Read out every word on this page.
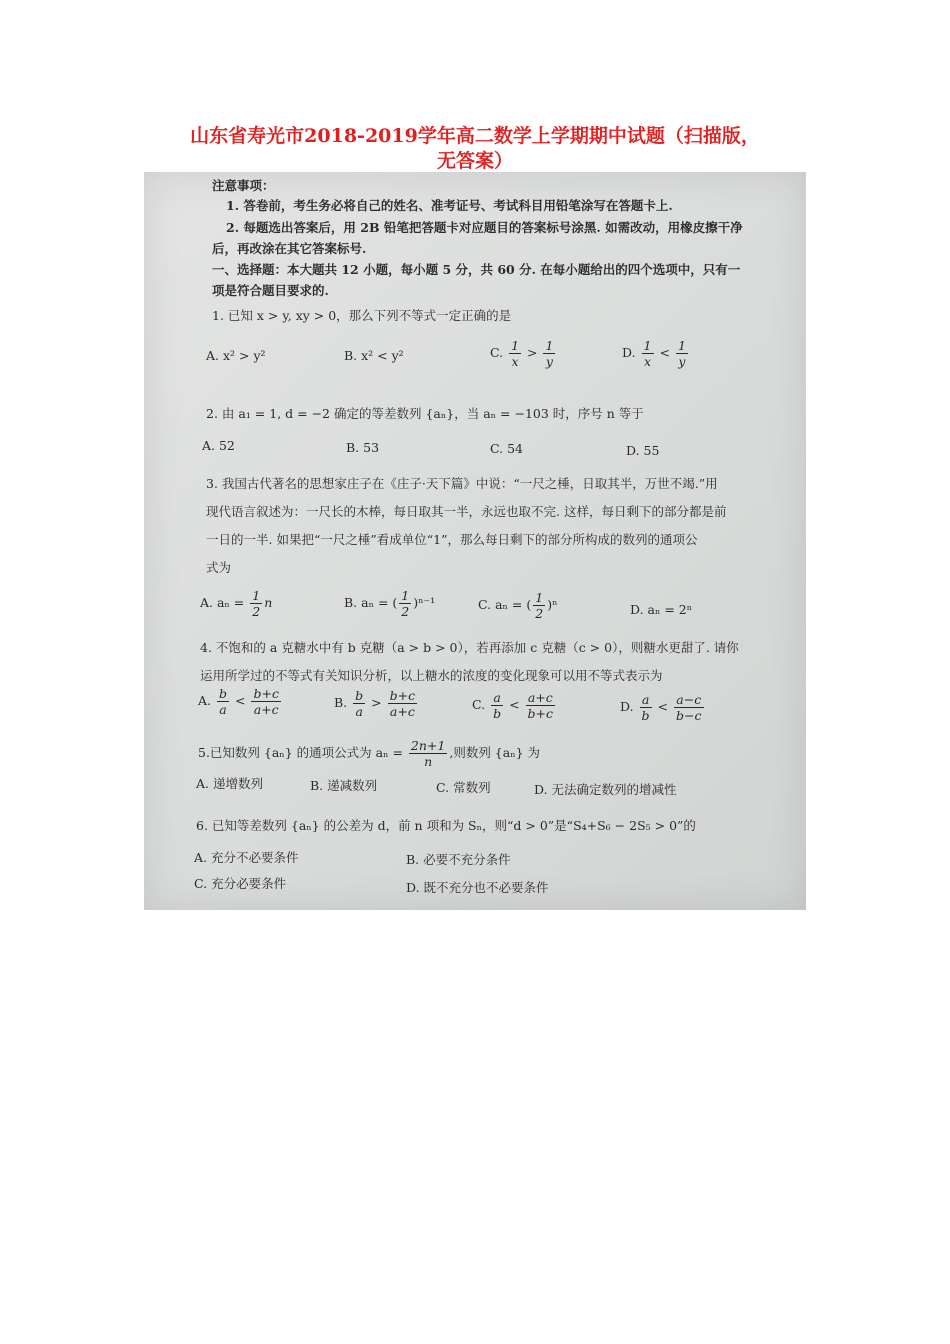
山东省寿光市2018-2019学年高二数学上学期期中试题（扫描版，
无答案）
注意事项：
1. 答卷前，考生务必将自己的姓名、准考证号、考试科目用铅笔涂写在答题卡上.
2. 每题选出答案后，用 2B 铅笔把答题卡对应题目的答案标号涂黑. 如需改动，用橡皮擦干净
后，再改涂在其它答案标号.
一、选择题：本大题共 12 小题，每小题 5 分，共 60 分. 在每小题给出的四个选项中，只有一
项是符合题目要求的.
1. 已知 x > y, xy > 0，那么下列不等式一定正确的是
A. x² > y²	B. x² < y²	C. $\frac{1}{x} > \frac{1}{y}$	D. $\frac{1}{x} < \frac{1}{y}$
2. 由 a₁ = 1, d = −2 确定的等差数列 {aₙ}，当 aₙ = −103 时，序号 n 等于
A. 52	B. 53	C. 54	D. 55
3. 我国古代著名的思想家庄子在《庄子·天下篇》中说：“一尺之棰，日取其半，万世不竭.”用
现代语言叙述为：一尺长的木棒，每日取其一半，永远也取不完. 这样，每日剩下的部分都是前
一日的一半. 如果把“一尺之棰”看成单位“1”，那么每日剩下的部分所构成的数列的通项公
式为
A. $a_n = \frac{1}{2}$ n	B. aₙ = ( $\frac{1}{2} )^{n-1}$	C. aₙ = ( $\frac{1}{2} )^n$	D. aₙ = 2ⁿ
4. 不饱和的 a 克糖水中有 b 克糖（a > b > 0），若再添加 c 克糖（c > 0），则糖水更甜了. 请你
运用所学过的不等式有关知识分析，以上糖水的浓度的变化现象可以用不等式表示为
A. $\frac{b}{a} < \frac{b+c}{a+c}$	B. $\frac{b}{a} > \frac{b+c}{a+c}$	C. $\frac{a}{b} < \frac{a+c}{b+c}$	D. $\frac{a}{b} < \frac{a-c}{b-c}$
5.已知数列 {aₙ} 的通项公式为 $a_n = \frac{2n+1}{n}$ ,则数列 {aₙ} 为
A. 递增数列	B. 递减数列	C. 常数列	D. 无法确定数列的增减性
6. 已知等差数列 {aₙ} 的公差为 d，前 n 项和为 Sₙ，则“d > 0”是“S₄+S₆ − 2S₅ > 0”的
A. 充分不必要条件	B. 必要不充分条件
C. 充分必要条件	D. 既不充分也不必要条件
